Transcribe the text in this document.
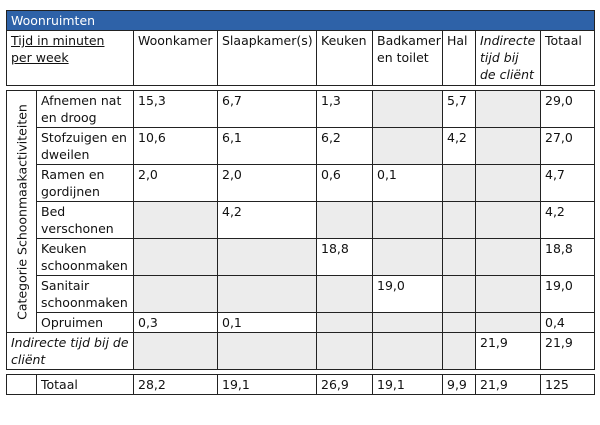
Woonruimten								
Tijd in minuten per week		Woonkamer	Slaapkamer(s)	Keuken	Badkamer en toilet	Hal	Indirecte tijd bij de cliënt	Totaal

Categorie Schoonmaakactiviteiten	Afnemen nat en droog	15,3	6,7	1,3		5,7		29,0
	Stofzuigen en dweilen	10,6	6,1	6,2		4,2		27,0
	Ramen en gordijnen	2,0	2,0	0,6	0,1			4,7
	Bed verschonen		4,2					4,2
	Keuken schoonmaken			18,8				18,8
	Sanitair schoonmaken				19,0			19,0
	Opruimen	0,3	0,1					0,4
Indirecte tijd bij de cliënt							21,9	21,9

	Totaal	28,2	19,1	26,9	19,1	9,9	21,9	125
